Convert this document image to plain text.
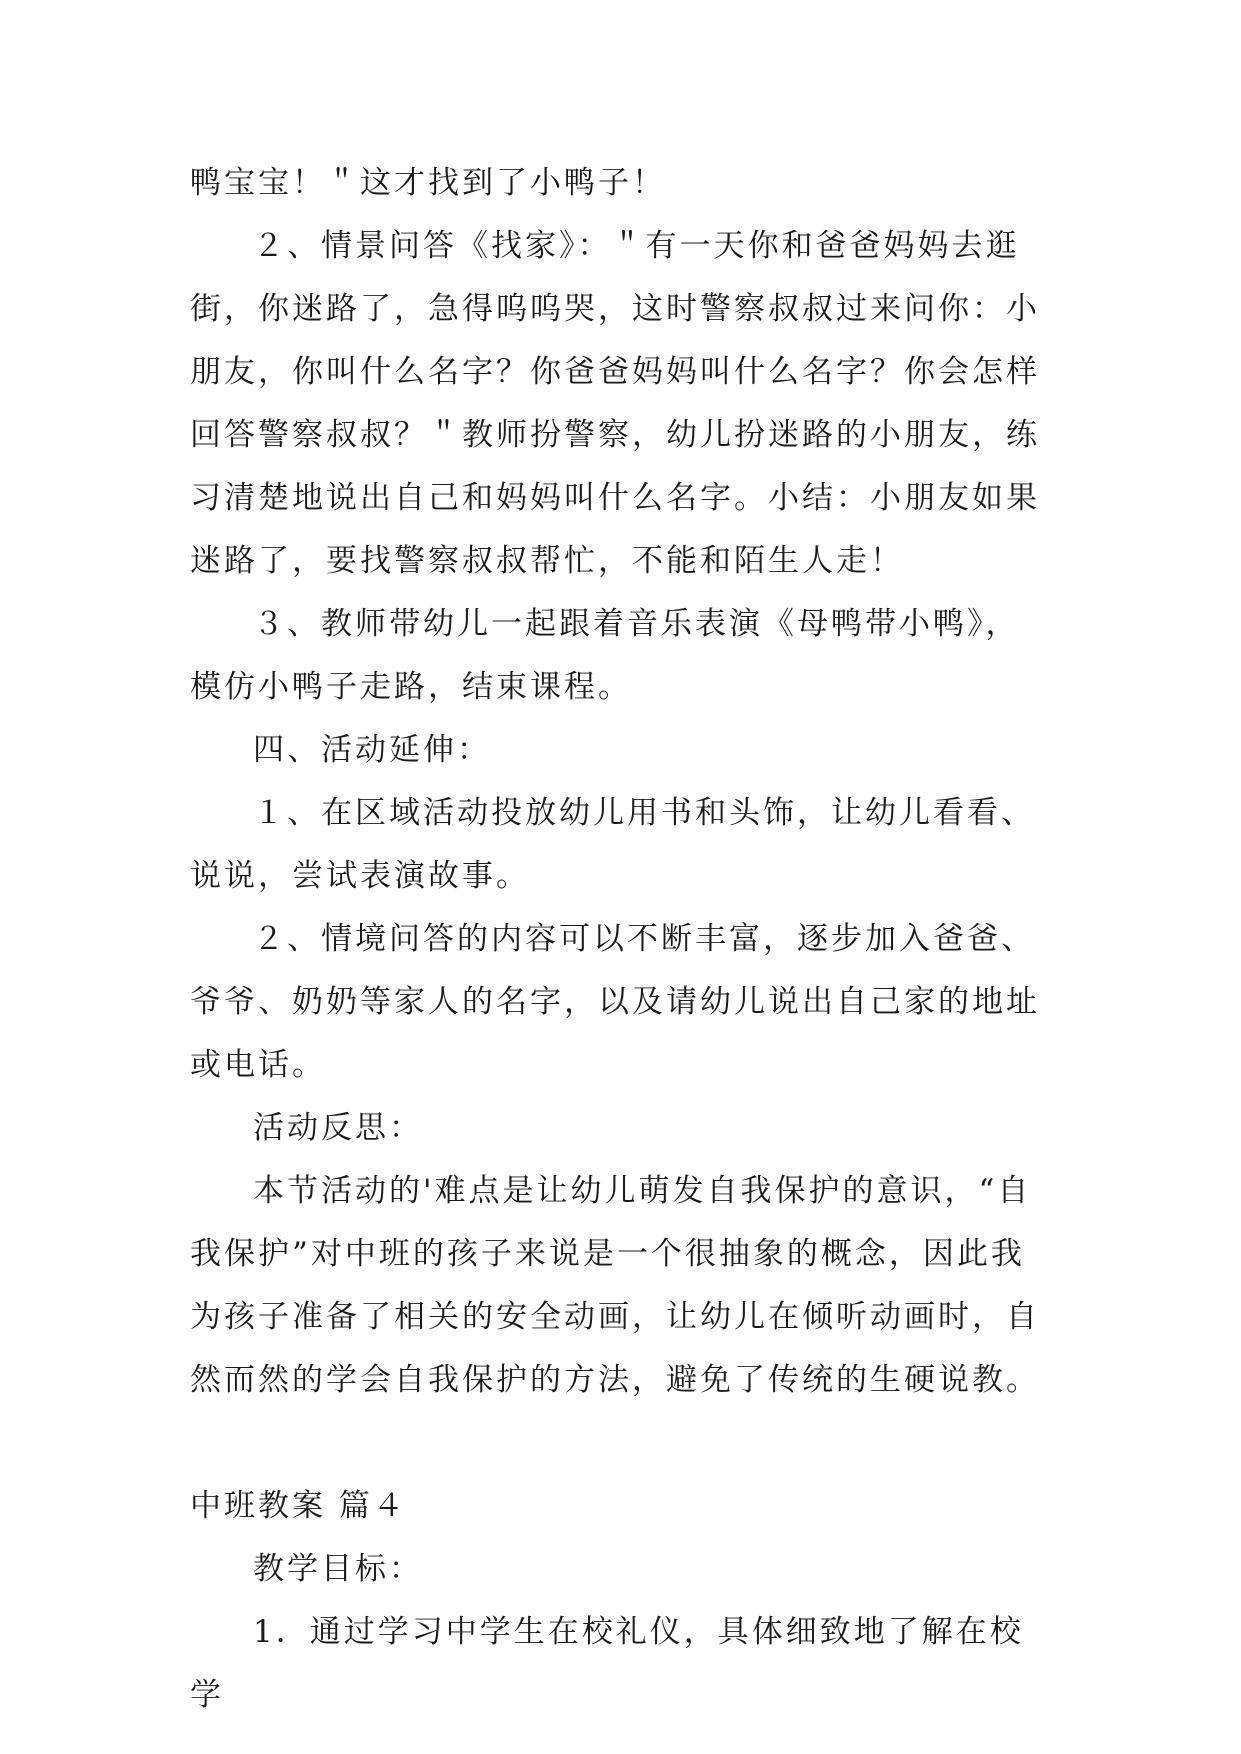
鸭宝宝！＂这才找到了小鸭子！

２、情景问答《找家》：＂有一天你和爸爸妈妈去逛街，你迷路了，急得呜呜哭，这时警察叔叔过来问你：小朋友，你叫什么名字？你爸爸妈妈叫什么名字？你会怎样回答警察叔叔？＂教师扮警察，幼儿扮迷路的小朋友，练习清楚地说出自己和妈妈叫什么名字。小结：小朋友如果迷路了，要找警察叔叔帮忙，不能和陌生人走！

３、教师带幼儿一起跟着音乐表演《母鸭带小鸭》，模仿小鸭子走路，结束课程。

四、活动延伸：

１、在区域活动投放幼儿用书和头饰，让幼儿看看、说说，尝试表演故事。

２、情境问答的内容可以不断丰富，逐步加入爸爸、爷爷、奶奶等家人的名字，以及请幼儿说出自己家的地址或电话。

活动反思：

本节活动的'难点是让幼儿萌发自我保护的意识，“自我保护”对中班的孩子来说是一个很抽象的概念，因此我为孩子准备了相关的安全动画，让幼儿在倾听动画时，自然而然的学会自我保护的方法，避免了传统的生硬说教。

中班教案 篇４

教学目标：

1．通过学习中学生在校礼仪，具体细致地了解在校学
